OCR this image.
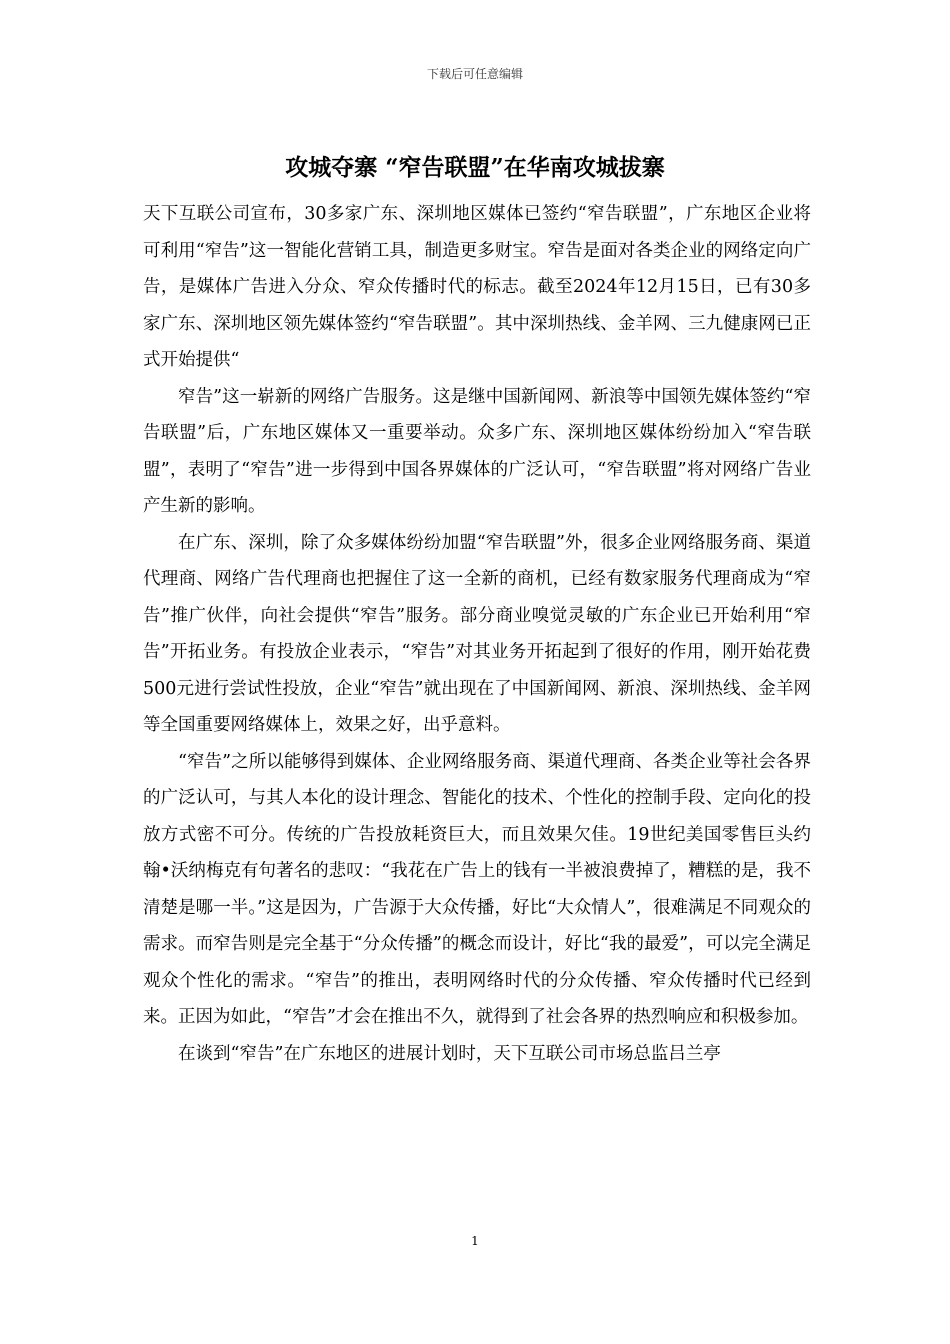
下载后可任意编辑
攻城夺寨 “窄告联盟”在华南攻城拔寨

天下互联公司宣布，30多家广东、深圳地区媒体已签约“窄告联盟”，广东地区企业将可利用“窄告”这一智能化营销工具，制造更多财宝。窄告是面对各类企业的网络定向广告，是媒体广告进入分众、窄众传播时代的标志。截至2024年12月15日，已有30多家广东、深圳地区领先媒体签约“窄告联盟”。其中深圳热线、金羊网、三九健康网已正式开始提供“

窄告”这一崭新的网络广告服务。这是继中国新闻网、新浪等中国领先媒体签约“窄告联盟”后，广东地区媒体又一重要举动。众多广东、深圳地区媒体纷纷加入“窄告联盟”，表明了“窄告”进一步得到中国各界媒体的广泛认可，“窄告联盟”将对网络广告业产生新的影响。

在广东、深圳，除了众多媒体纷纷加盟“窄告联盟”外，很多企业网络服务商、渠道代理商、网络广告代理商也把握住了这一全新的商机，已经有数家服务代理商成为“窄告”推广伙伴，向社会提供“窄告”服务。部分商业嗅觉灵敏的广东企业已开始利用“窄告”开拓业务。有投放企业表示，“窄告”对其业务开拓起到了很好的作用，刚开始花费500元进行尝试性投放，企业“窄告”就出现在了中国新闻网、新浪、深圳热线、金羊网等全国重要网络媒体上，效果之好，出乎意料。

“窄告”之所以能够得到媒体、企业网络服务商、渠道代理商、各类企业等社会各界的广泛认可，与其人本化的设计理念、智能化的技术、个性化的控制手段、定向化的投放方式密不可分。传统的广告投放耗资巨大，而且效果欠佳。19世纪美国零售巨头约翰•沃纳梅克有句著名的悲叹：“我花在广告上的钱有一半被浪费掉了，糟糕的是，我不清楚是哪一半。”这是因为，广告源于大众传播，好比“大众情人”，很难满足不同观众的需求。而窄告则是完全基于“分众传播”的概念而设计，好比“我的最爱”，可以完全满足观众个性化的需求。“窄告”的推出，表明网络时代的分众传播、窄众传播时代已经到来。正因为如此，“窄告”才会在推出不久，就得到了社会各界的热烈响应和积极参加。

在谈到“窄告”在广东地区的进展计划时，天下互联公司市场总监吕兰亭

1
